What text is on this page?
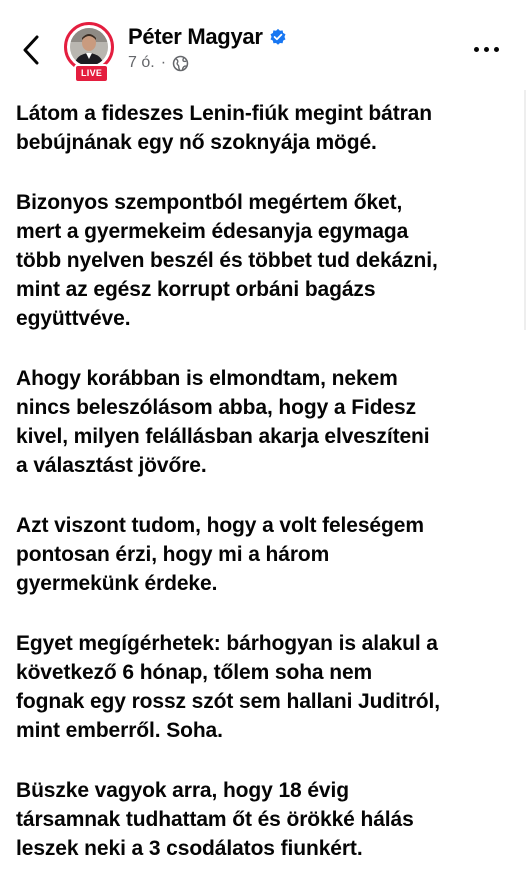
LIVE
Péter Magyar
7 ó. ·

Látom a fideszes Lenin-fiúk megint bátran
bebújnának egy nő szoknyája mögé.

Bizonyos szempontból megértem őket,
mert a gyermekeim édesanyja egymaga
több nyelven beszél és többet tud dekázni,
mint az egész korrupt orbáni bagázs
együttvéve.

Ahogy korábban is elmondtam, nekem
nincs beleszólásom abba, hogy a Fidesz
kivel, milyen felállásban akarja elveszíteni
a választást jövőre.

Azt viszont tudom, hogy a volt feleségem
pontosan érzi, hogy mi a három
gyermekünk érdeke.

Egyet megígérhetek: bárhogyan is alakul a
következő 6 hónap, tőlem soha nem
fognak egy rossz szót sem hallani Juditról,
mint emberről. Soha.

Büszke vagyok arra, hogy 18 évig
társamnak tudhattam őt és örökké hálás
leszek neki a 3 csodálatos fiunkért.
